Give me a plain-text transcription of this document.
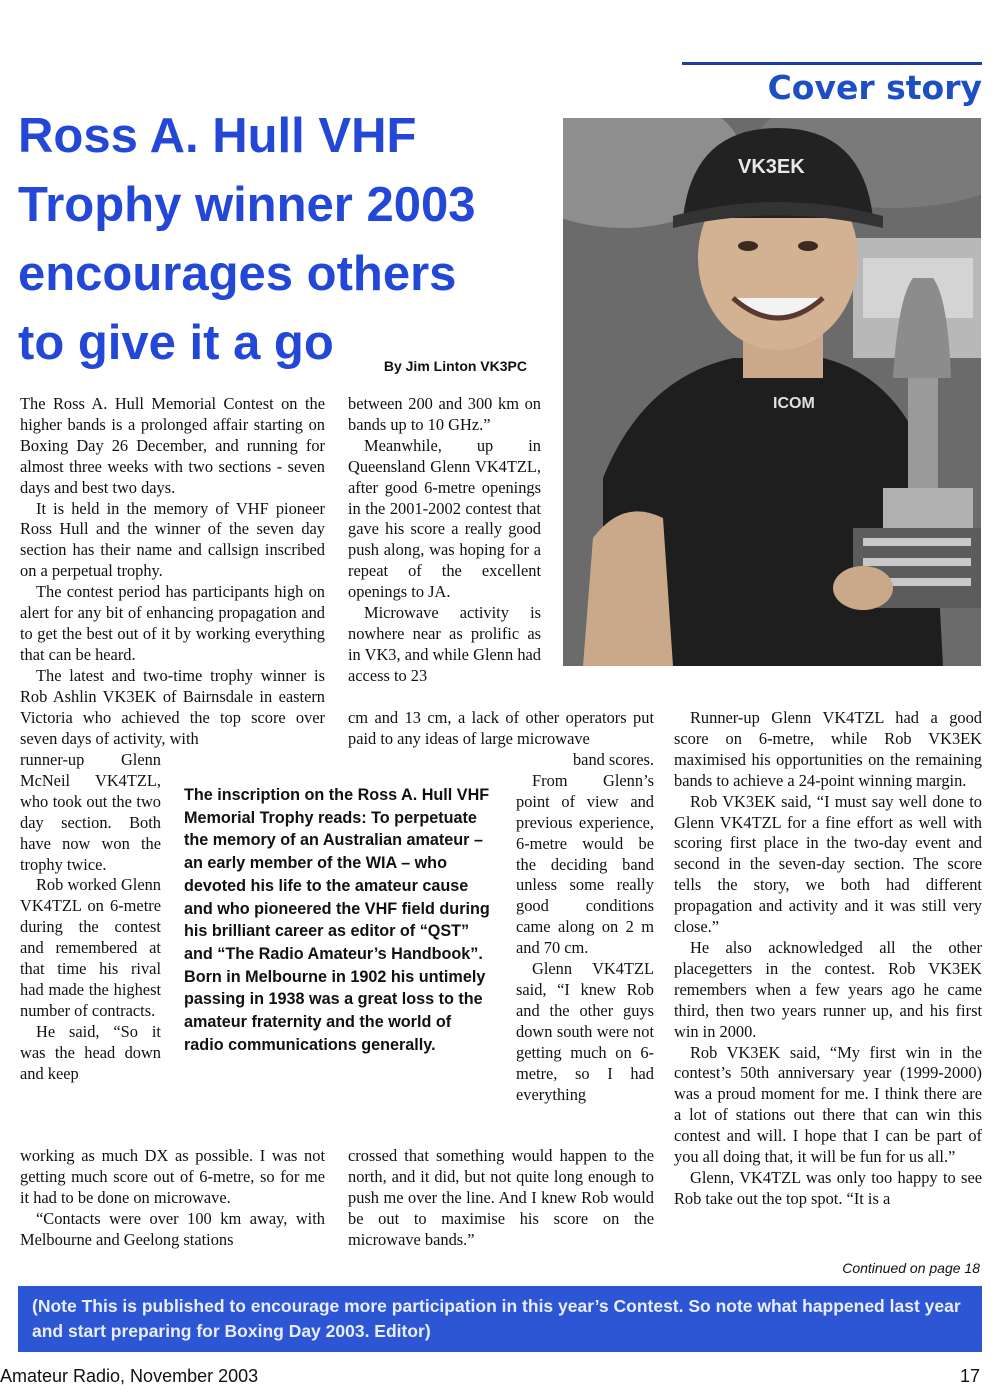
Cover story
Ross A. Hull VHF
Trophy winner 2003
encourages others
to give it a go	By Jim Linton VK3PC
VK3EK
ICOM

The Ross A. Hull Memorial Contest on the higher bands is a prolonged affair starting on Boxing Day 26 December, and running for almost three weeks with two sections - seven days and best two days.

It is held in the memory of VHF pioneer Ross Hull and the winner of the seven day section has their name and callsign inscribed on a perpetual trophy.

The contest period has participants high on alert for any bit of enhancing propagation and to get the best out of it by working everything that can be heard.

The latest and two-time trophy winner is Rob Ashlin VK3EK of Bairnsdale in eastern Victoria who achieved the top score over seven days of activity, with

runner-up Glenn McNeil VK4TZL, who took out the two day section. Both have now won the trophy twice.

Rob worked Glenn VK4TZL on 6-metre during the contest and remembered at that time his rival had made the highest number of contracts.

He said, “So it was the head down and keep

working as much DX as possible. I was not getting much score out of 6-metre, so for me it had to be done on microwave.

“Contacts were over 100 km away, with Melbourne and Geelong stations

between 200 and 300 km on bands up to 10 GHz.”

Meanwhile, up in Queensland Glenn VK4TZL, after good 6-metre openings in the 2001-2002 contest that gave his score a really good push along, was hoping for a repeat of the excellent openings to JA.

Microwave activity is nowhere near as prolific as in VK3, and while Glenn had access to 23

cm and 13 cm, a lack of other operators put paid to any ideas of large microwave

band scores.

From Glenn’s point of view and previous experience, 6-metre would be the deciding band unless some really good conditions came along on 2 m and 70 cm.

Glenn VK4TZL said, “I knew Rob and the other guys down south were not getting much on 6-metre, so I had everything

crossed that something would happen to the north, and it did, but not quite long enough to push me over the line. And I knew Rob would be out to maximise his score on the microwave bands.”

Runner-up Glenn VK4TZL had a good score on 6-metre, while Rob VK3EK maximised his opportunities on the remaining bands to achieve a 24-point winning margin.

Rob VK3EK said, “I must say well done to Glenn VK4TZL for a fine effort as well with scoring first place in the two-day event and second in the seven-day section. The score tells the story, we both had different propagation and activity and it was still very close.”

He also acknowledged all the other placegetters in the contest. Rob VK3EK remembers when a few years ago he came third, then two years runner up, and his first win in 2000.

Rob VK3EK said, “My first win in the contest’s 50th anniversary year (1999-2000) was a proud moment for me. I think there are a lot of stations out there that can win this contest and will. I hope that I can be part of you all doing that, it will be fun for us all.”

Glenn, VK4TZL was only too happy to see Rob take out the top spot. “It is a

The inscription on the Ross A. Hull VHF Memorial Trophy reads: To perpetuate the memory of an Australian amateur – an early member of the WIA – who devoted his life to the amateur cause and who pioneered the VHF field during his brilliant career as editor of “QST” and “The Radio Amateur’s Handbook”. Born in Melbourne in 1902 his untimely passing in 1938 was a great loss to the amateur fraternity and the world of radio communications generally.

Continued on page 18
(Note This is published to encourage more participation in this year’s Contest. So note what happened last year and start preparing for Boxing Day 2003. Editor)
Amateur Radio, November 2003	17
